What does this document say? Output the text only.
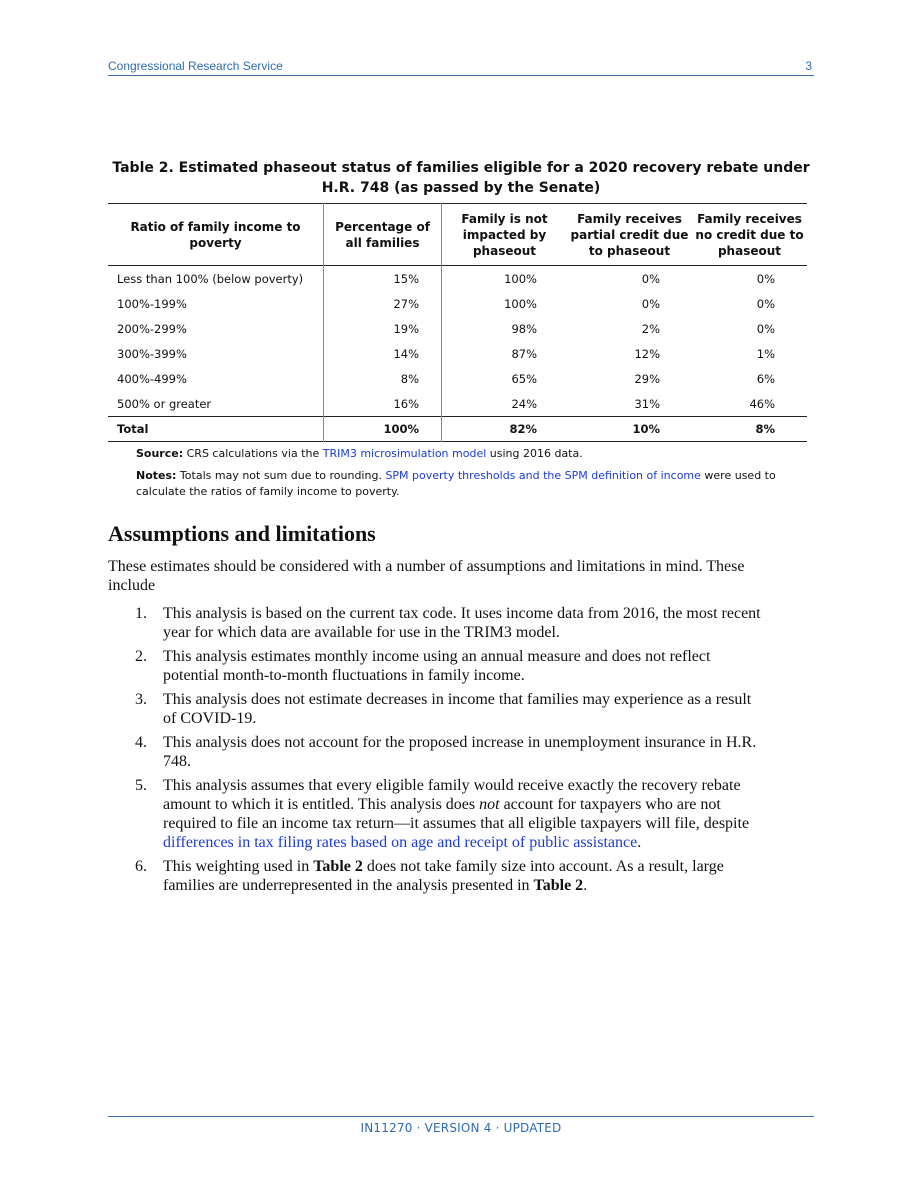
Congressional Research Service	3
Table 2. Estimated phaseout status of families eligible for a 2020 recovery rebate under
H.R. 748 (as passed by the Senate)
Ratio of family income to poverty	Percentage of all families	Family is not impacted by phaseout	Family receives partial credit due to phaseout	Family receives no credit due to phaseout
Less than 100% (below poverty)	15%	100%	0%	0%
100%-199%	27%	100%	0%	0%
200%-299%	19%	98%	2%	0%
300%-399%	14%	87%	12%	1%
400%-499%	8%	65%	29%	6%
500% or greater	16%	24%	31%	46%
Total	100%	82%	10%	8%
Source: CRS calculations via the TRIM3 microsimulation model using 2016 data.
Notes: Totals may not sum due to rounding. SPM poverty thresholds and the SPM definition of income were used to calculate the ratios of family income to poverty.
Assumptions and limitations
These estimates should be considered with a number of assumptions and limitations in mind. These include
1. This analysis is based on the current tax code. It uses income data from 2016, the most recent year for which data are available for use in the TRIM3 model.
2. This analysis estimates monthly income using an annual measure and does not reflect potential month-to-month fluctuations in family income.
3. This analysis does not estimate decreases in income that families may experience as a result of COVID-19.
4. This analysis does not account for the proposed increase in unemployment insurance in H.R. 748.
5. This analysis assumes that every eligible family would receive exactly the recovery rebate amount to which it is entitled. This analysis does not account for taxpayers who are not required to file an income tax return—it assumes that all eligible taxpayers will file, despite differences in tax filing rates based on age and receipt of public assistance.
6. This weighting used in Table 2 does not take family size into account. As a result, large families are underrepresented in the analysis presented in Table 2.
IN11270 · VERSION 4 · UPDATED
